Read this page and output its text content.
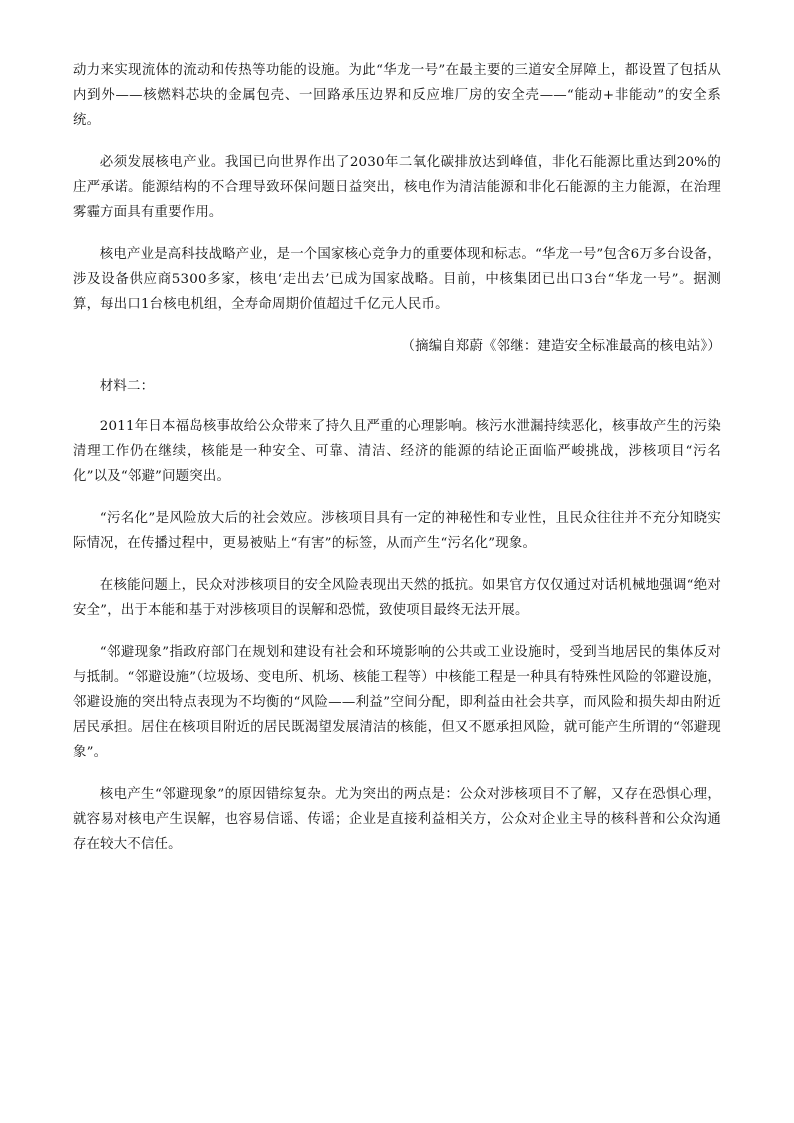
动力来实现流体的流动和传热等功能的设施。为此“华龙一号”在最主要的三道安全屏障上，都设置了包括从内到外——核燃料芯块的金属包壳、一回路承压边界和反应堆厂房的安全壳——“能动+非能动”的安全系统。

必须发展核电产业。我国已向世界作出了2030年二氧化碳排放达到峰值，非化石能源比重达到20%的庄严承诺。能源结构的不合理导致环保问题日益突出，核电作为清洁能源和非化石能源的主力能源，在治理雾霾方面具有重要作用。

核电产业是高科技战略产业，是一个国家核心竞争力的重要体现和标志。“华龙一号”包含6万多台设备，涉及设备供应商5300多家，核电‘走出去’已成为国家战略。目前，中核集团已出口3台“华龙一号”。据测算，每出口1台核电机组，全寿命周期价值超过千亿元人民币。

（摘编自郑蔚《邻继：建造安全标准最高的核电站》）

材料二：

2011年日本福岛核事故给公众带来了持久且严重的心理影响。核污水泄漏持续恶化，核事故产生的污染清理工作仍在继续，核能是一种安全、可靠、清洁、经济的能源的结论正面临严峻挑战，涉核项目“污名化”以及“邻避”问题突出。

“污名化”是风险放大后的社会效应。涉核项目具有一定的神秘性和专业性，且民众往往并不充分知晓实际情况，在传播过程中，更易被贴上“有害”的标签，从而产生“污名化”现象。

在核能问题上，民众对涉核项目的安全风险表现出天然的抵抗。如果官方仅仅通过对话机械地强调“绝对安全”，出于本能和基于对涉核项目的误解和恐慌，致使项目最终无法开展。

“邻避现象”指政府部门在规划和建设有社会和环境影响的公共或工业设施时，受到当地居民的集体反对与抵制。“邻避设施”（垃圾场、变电所、机场、核能工程等）中核能工程是一种具有特殊性风险的邻避设施，邻避设施的突出特点表现为不均衡的“风险——利益”空间分配，即利益由社会共享，而风险和损失却由附近居民承担。居住在核项目附近的居民既渴望发展清洁的核能，但又不愿承担风险，就可能产生所谓的“邻避现象”。

核电产生“邻避现象”的原因错综复杂。尤为突出的两点是：公众对涉核项目不了解，又存在恐惧心理，就容易对核电产生误解，也容易信谣、传谣；企业是直接利益相关方，公众对企业主导的核科普和公众沟通存在较大不信任。
